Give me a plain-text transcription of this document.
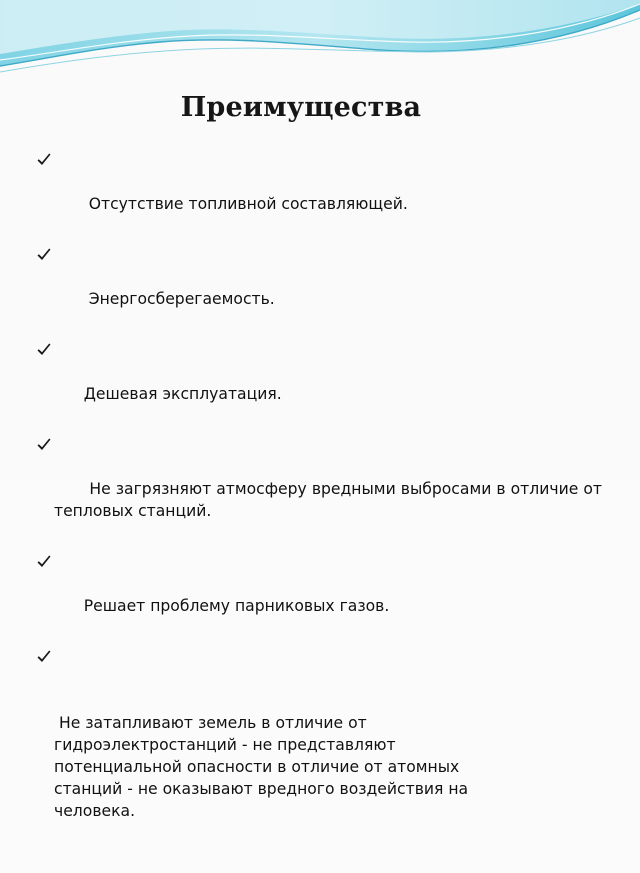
Преимущества

Отсутствие топливной составляющей.

Энергосберегаемость.

Дешевая эксплуатация.

Не загрязняют атмосферу вредными выбросами в отличие от тепловых станций.

Решает проблему парниковых газов.

Не затапливают земель в отличие от
гидроэлектростанций - не представляют
потенциальной опасности в отличие от атомных
станций - не оказывают вредного воздействия на
человека.
